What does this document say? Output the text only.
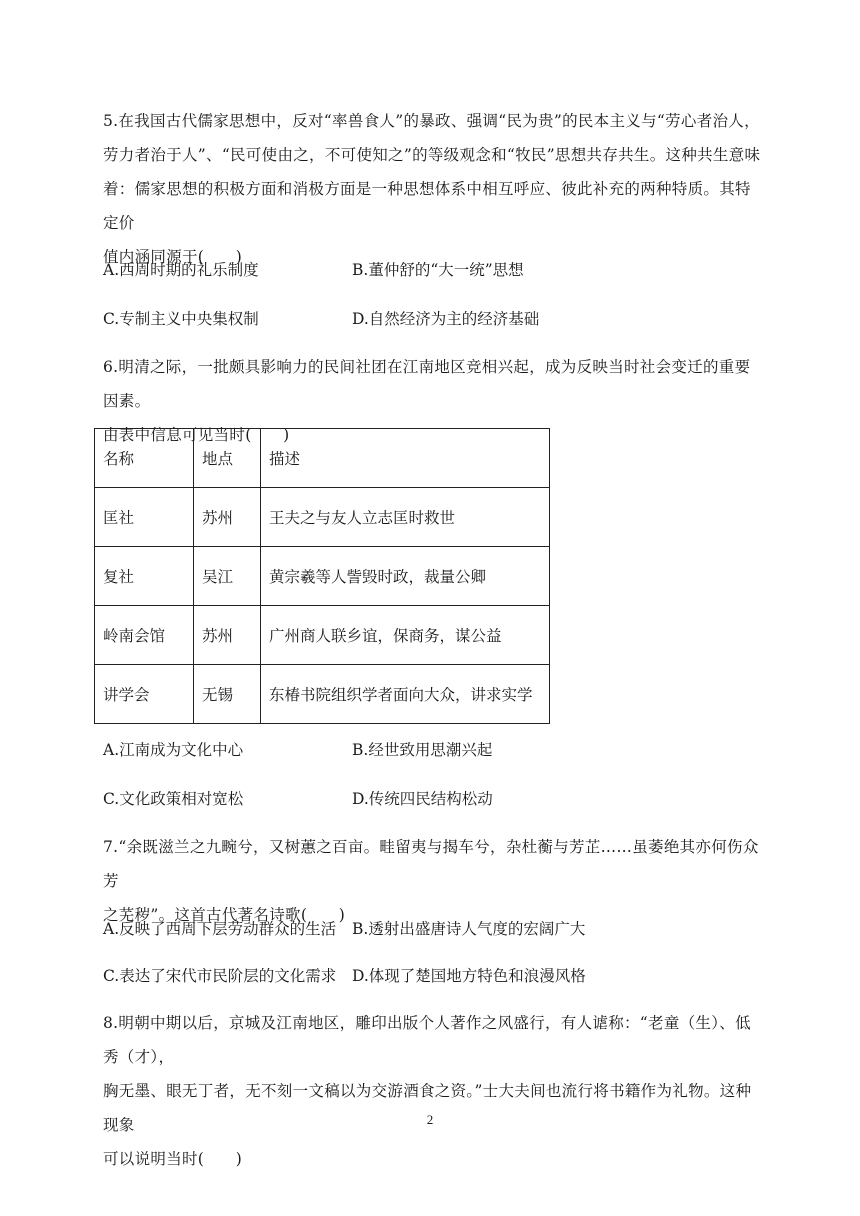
5.在我国古代儒家思想中，反对“率兽食人”的暴政、强调“民为贵”的民本主义与“劳心者治人，
劳力者治于人”、“民可使由之，不可使知之”的等级观念和“牧民”思想共存共生。这种共生意味
着：儒家思想的积极方面和消极方面是一种思想体系中相互呼应、彼此补充的两种特质。其特定价
值内涵同源于(　　)
A.西周时期的礼乐制度	B.董仲舒的“大一统”思想
C.专制主义中央集权制	D.自然经济为主的经济基础
6.明清之际，一批颇具影响力的民间社团在江南地区竞相兴起，成为反映当时社会变迁的重要因素。
由表中信息可见当时(　　)
名称	地点	描述
匡社	苏州	王夫之与友人立志匡时救世
复社	吴江	黄宗羲等人訾毁时政，裁量公卿
岭南会馆	苏州	广州商人联乡谊，保商务，谋公益
讲学会	无锡	东椿书院组织学者面向大众，讲求实学
A.江南成为文化中心	B.经世致用思潮兴起
C.文化政策相对宽松	D.传统四民结构松动
7.“余既滋兰之九畹兮，又树蕙之百亩。畦留夷与揭车兮，杂杜蘅与芳芷……虽萎绝其亦何伤众芳
之芜秽”。这首古代著名诗歌(　　)
A.反映了西周下层劳动群众的生活 B.透射出盛唐诗人气度的宏阔广大
C.表达了宋代市民阶层的文化需求 D.体现了楚国地方特色和浪漫风格
8.明朝中期以后，京城及江南地区，雕印出版个人著作之风盛行，有人谑称：“老童（生）、低秀（才），
胸无墨、眼无丁者，无不刻一文稿以为交游酒食之资。”士大夫间也流行将书籍作为礼物。这种现象
可以说明当时(　　)
2
